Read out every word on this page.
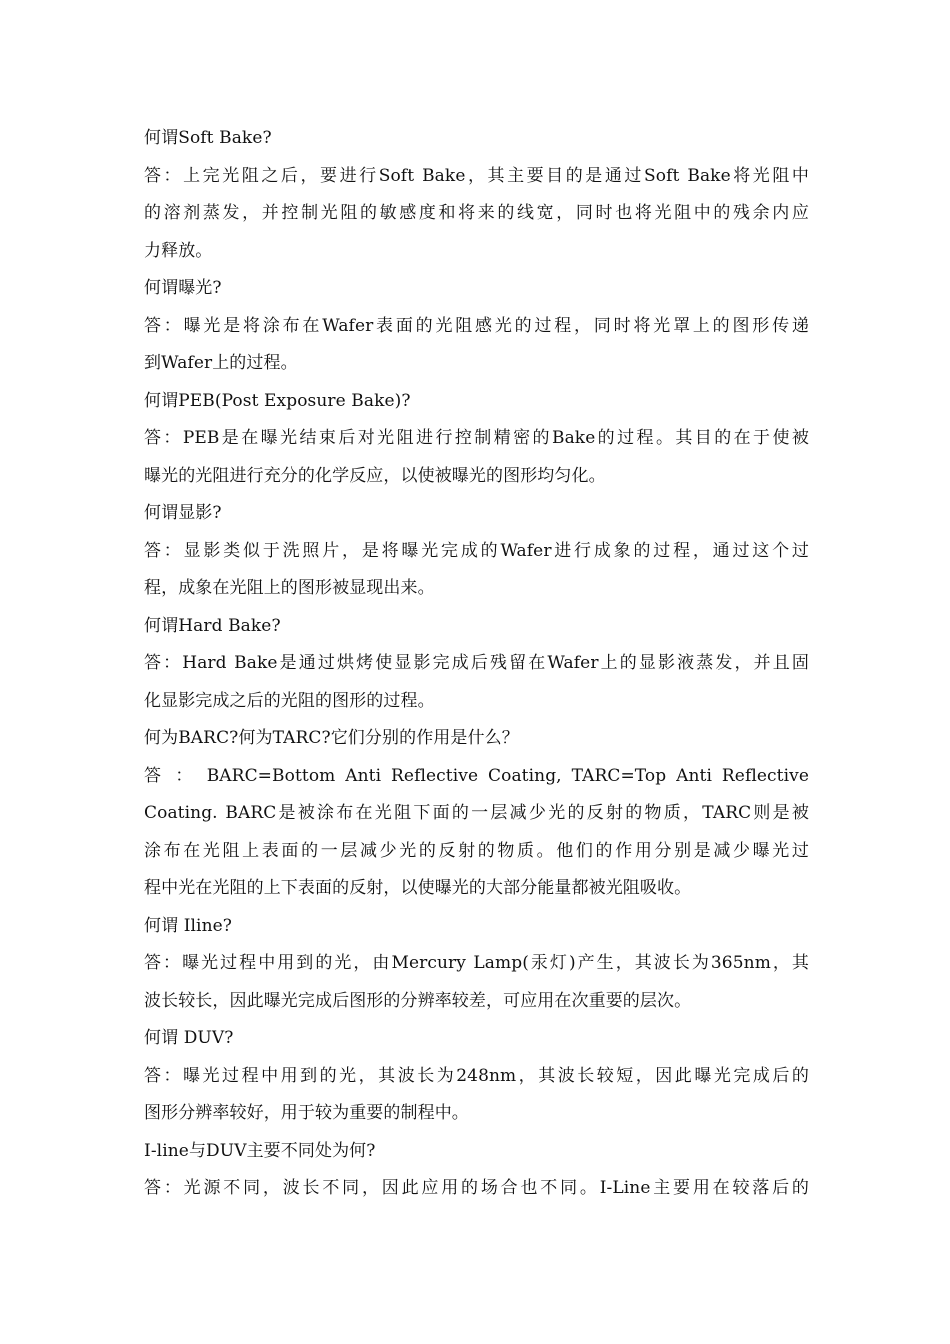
何谓Soft Bake?
答：上完光阻之后，要进行Soft Bake，其主要目的是通过Soft Bake将光阻中
的溶剂蒸发，并控制光阻的敏感度和将来的线宽，同时也将光阻中的残余内应
力释放。
何谓曝光?
答：曝光是将涂布在Wafer表面的光阻感光的过程，同时将光罩上的图形传递
到Wafer上的过程。
何谓PEB(Post Exposure Bake)?
答：PEB是在曝光结束后对光阻进行控制精密的Bake的过程。其目的在于使被
曝光的光阻进行充分的化学反应，以使被曝光的图形均匀化。
何谓显影?
答：显影类似于洗照片，是将曝光完成的Wafer进行成象的过程，通过这个过
程，成象在光阻上的图形被显现出来。
何谓Hard Bake?
答：Hard Bake是通过烘烤使显影完成后残留在Wafer上的显影液蒸发，并且固
化显影完成之后的光阻的图形的过程。
何为BARC?何为TARC?它们分别的作用是什么？
答 ： BARC=Bottom Anti Reflective Coating, TARC=Top Anti Reflective
Coating. BARC是被涂布在光阻下面的一层减少光的反射的物质，TARC则是被
涂布在光阻上表面的一层减少光的反射的物质。他们的作用分别是减少曝光过
程中光在光阻的上下表面的反射，以使曝光的大部分能量都被光阻吸收。
何谓 Iline?
答：曝光过程中用到的光，由Mercury Lamp(汞灯)产生，其波长为365nm，其
波长较长，因此曝光完成后图形的分辨率较差，可应用在次重要的层次。
何谓 DUV?
答：曝光过程中用到的光，其波长为248nm，其波长较短，因此曝光完成后的
图形分辨率较好，用于较为重要的制程中。
I-line与DUV主要不同处为何?
答：光源不同，波长不同，因此应用的场合也不同。I-Line主要用在较落后的
